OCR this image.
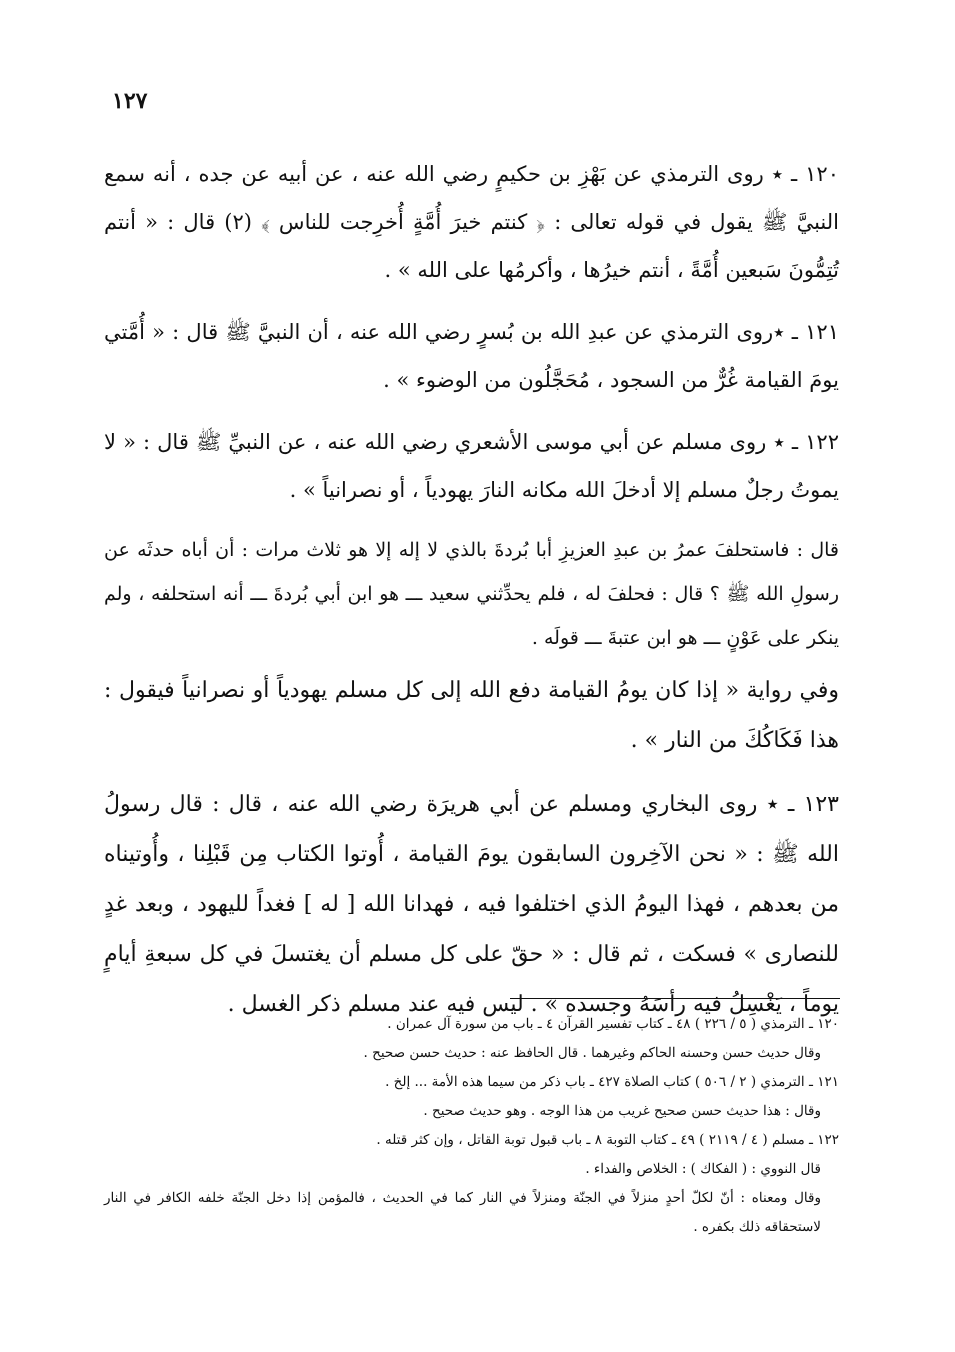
١٢٧

١٢٠ ـ ٭ روى الترمذي عن بَهْزِ بن حكيمٍ رضي الله عنه ، عن أبيه عن جده ، أنه سمع النبيَّ ﷺ يقول في قوله تعالى : ﴿ كنتم خيرَ أُمَّةٍ أُخرِجت للناس ﴾ (٢) قال : « أنتم تُتِمُّونَ سَبعين أُمَّةً ، أنتم خيرُها ، وأكرمُها على الله » .

١٢١ ـ ٭روى الترمذي عن عبدِ الله بن بُسرٍ رضي الله عنه ، أن النبيَّ ﷺ قال : « أُمَّتي يومَ القيامة غُرٌّ من السجود ، مُحَجَّلُون من الوضوء » .

١٢٢ ـ ٭ روى مسلم عن أبي موسى الأشعري رضي الله عنه ، عن النبيِّ ﷺ قال : « لا يموتُ رجلٌ مسلم إلا أدخلَ الله مكانه النارَ يهودياً ، أو نصرانياً » .

قال : فاستحلفَ عمرُ بن عبدِ العزيزِ أبا بُردةَ بالذي لا إله إلا هو ثلاث مرات : أن أباه حدثَه عن رسولِ الله ﷺ ؟ قال : فحلفَ له ، فلم يحدِّثني سعيد ـــ هو ابن أبي بُردةَ ـــ أنه استحلفه ، ولم ينكر على عَوْنٍ ـــ هو ابن عتبةَ ـــ قولَه .

وفي رواية « إذا كان يومُ القيامة دفع الله إلى كل مسلم يهودياً أو نصرانياً فيقول : هذا فَكَاكُكَ من النار » .

١٢٣ ـ ٭ روى البخاري ومسلم عن أبي هريرَة رضي الله عنه ، قال : قال رسولُ الله ﷺ : « نحن الآخِرون السابقون يومَ القيامة ، أُوتوا الكتاب مِن قَبْلِنا ، وأُوتيناه من بعدهم ، فهذا اليومُ الذي اختلفوا فيه ، فهدانا الله [ له ] فغداً لليهود ، وبعد غدٍ للنصارى » فسكت ، ثم قال : « حقّ على كل مسلم أن يغتسلَ في كل سبعةِ أيامٍ يوماً ، يَغْسِلُ فيه رأسَهُ وجسده » . ليس فيه عند مسلم ذكر الغسل .

١٢٠ ـ الترمذي ( ٥ / ٢٢٦ ) ٤٨ ـ كتاب تفسير القرآن ٤ ـ باب من سورة آل عمران .

وقال حديث حسن وحسنه الحاكم وغيرهما . قال الحافظ عنه : حديث حسن صحيح .

١٢١ ـ الترمذي ( ٢ / ٥٠٦ ) كتاب الصلاة ٤٢٧ ـ باب ذكر من سيما هذه الأمة ... إلخ .

وقال : هذا حديث حسن صحيح غريب من هذا الوجه . وهو حديث صحيح .

١٢٢ ـ مسلم ( ٤ / ٢١١٩ ) ٤٩ ـ كتاب التوبة ٨ ـ باب قبول توبة القاتل ، وإن كثر قتله .

قال النووي : ( الفكاك ) : الخلاص والفداء .

وقال ومعناه : أنّ لكلّ أحدٍ منزلاً في الجنّة ومنزلاً في النار كما في الحديث ، فالمؤمن إذا دخل الجنّة خلفه الكافر في النار لاستحقاقه ذلك بكفره .
